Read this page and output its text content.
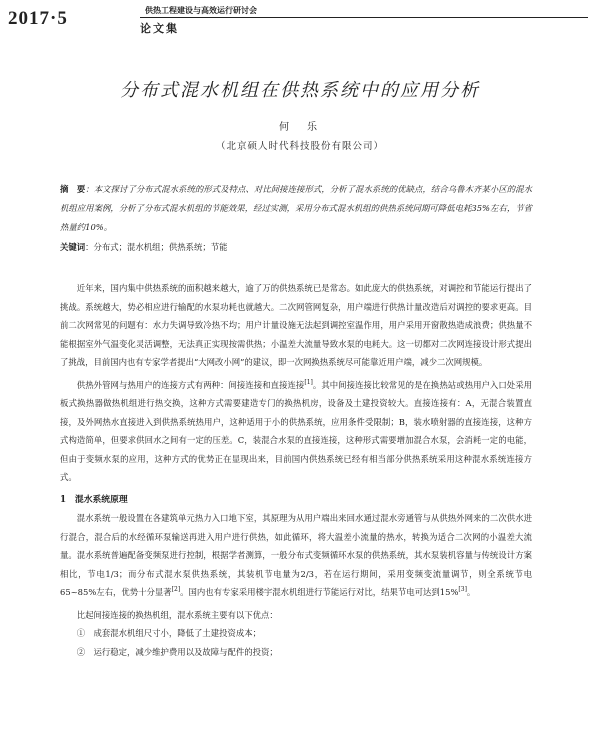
2017·5	供热工程建设与高效运行研讨会
论文集
分布式混水机组在供热系统中的应用分析
何　乐
（北京硕人时代科技股份有限公司）
摘　要：本文探讨了分布式混水系统的形式及特点、对比间接连接形式，分析了混水系统的优缺点，结合乌鲁木齐某小区的混水机组应用案例，分析了分布式混水机组的节能效果，经过实测，采用分布式混水机组的供热系统同期可降低电耗35%左右，节省热量约10%。
关键词：分布式；混水机组；供热系统；节能

近年来，国内集中供热系统的面积越来越大，逾了万的供热系统已是常态。如此庞大的供热系统，对调控和节能运行提出了挑战。系统越大，势必相应进行输配的水泵功耗也就越大。二次网管网复杂，用户端进行供热计量改造后对调控的要求更高。目前二次网常见的问题有：水力失调导致冷热不均；用户计量设施无法起到调控室温作用，用户采用开窗散热造成浪费；供热量不能根据室外气温变化灵活调整，无法真正实现按需供热；小温差大流量导致水泵的电耗大。这一切都对二次网连接设计形式提出了挑战，目前国内也有专家学者提出“大网改小网”的建议，即一次网换热系统尽可能靠近用户端，减少二次网规模。

供热外管网与热用户的连接方式有两种：间接连接和直接连接[1]。其中间接连接比较常见的是在换热站或热用户入口处采用板式换热器做热机组进行热交换，这种方式需要建造专门的换热机房，设备及土建投资较大。直接连接有：A，无混合装置直接，及外网热水直接进入到供热系统热用户，这种适用于小的供热系统，应用条件受限制；B，装水喷射器的直接连接，这种方式构造简单，但要求供回水之间有一定的压差。C，装混合水泵的直接连接，这种形式需要增加混合水泵，会消耗一定的电能，但由于变频水泵的应用，这种方式的优势正在显现出来，目前国内供热系统已经有相当部分供热系统采用这种混水系统连接方式。

1　混水系统原理

混水系统一般设置在各建筑单元热力入口地下室，其原理为从用户端出来回水通过混水旁通管与从供热外网来的二次供水进行混合，混合后的水经循环泵输送再进入用户进行供热，如此循环，将大温差小流量的热水，转换为适合二次网的小温差大流量。混水系统普遍配备变频泵进行控制，根据学者测算，一般分布式变频循环水泵的供热系统，其水泵装机容量与传统设计方案相比，节电1/3；而分布式混水泵供热系统，其装机节电量为2/3，若在运行期间，采用变频变流量调节，则全系统节电65~85%左右，优势十分显著[2]。国内也有专家采用楼宇混水机组进行节能运行对比，结果节电可达到15%[3]。

比起间接连接的换热机组，混水系统主要有以下优点：

①　成套混水机组尺寸小，降低了土建投资成本；
②　运行稳定，减少维护费用以及故障与配件的投资；
